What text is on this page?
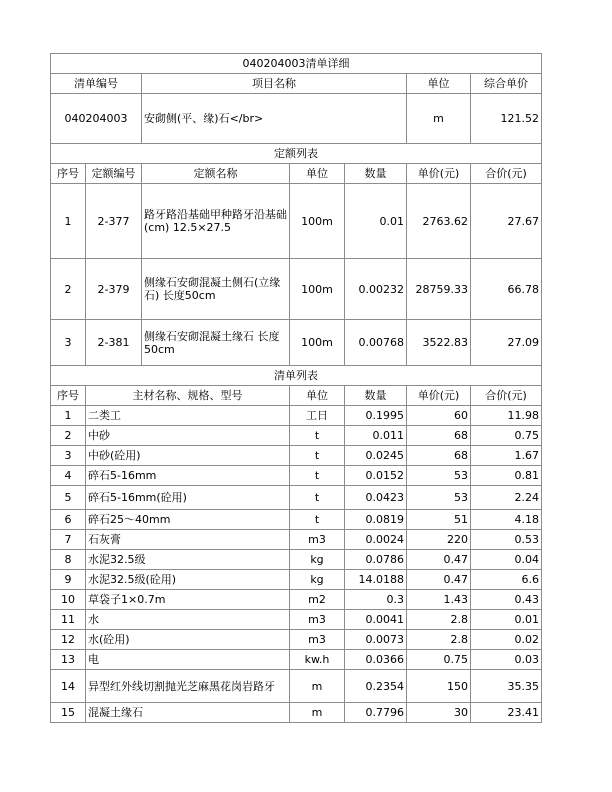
040204003清单详细						
清单编号		项目名称			单位	综合单价
040204003		安砌侧(平、缘)石</br>			m	121.52
定额列表						
序号	定额编号	定额名称	单位	数量	单价(元)	合价(元)
1	2-377	路牙路沿基础甲种路牙沿基础(cm) 12.5×27.5	100m	0.01	2763.62	27.67
2	2-379	侧缘石安砌混凝土侧石(立缘石) 长度50cm	100m	0.00232	28759.33	66.78
3	2-381	侧缘石安砌混凝土缘石 长度50cm	100m	0.00768	3522.83	27.09
清单列表						
序号	主材名称、规格、型号		单位	数量	单价(元)	合价(元)
1	二类工		工日	0.1995	60	11.98
2	中砂		t	0.011	68	0.75
3	中砂(砼用)		t	0.0245	68	1.67
4	碎石5-16mm		t	0.0152	53	0.81
5	碎石5-16mm(砼用)		t	0.0423	53	2.24
6	碎石25～40mm		t	0.0819	51	4.18
7	石灰膏		m3	0.0024	220	0.53
8	水泥32.5级		kg	0.0786	0.47	0.04
9	水泥32.5级(砼用)		kg	14.0188	0.47	6.6
10	草袋子1×0.7m		m2	0.3	1.43	0.43
11	水		m3	0.0041	2.8	0.01
12	水(砼用)		m3	0.0073	2.8	0.02
13	电		kw.h	0.0366	0.75	0.03
14	异型红外线切割抛光芝麻黑花岗岩路牙		m	0.2354	150	35.35
15	混凝土缘石		m	0.7796	30	23.41
